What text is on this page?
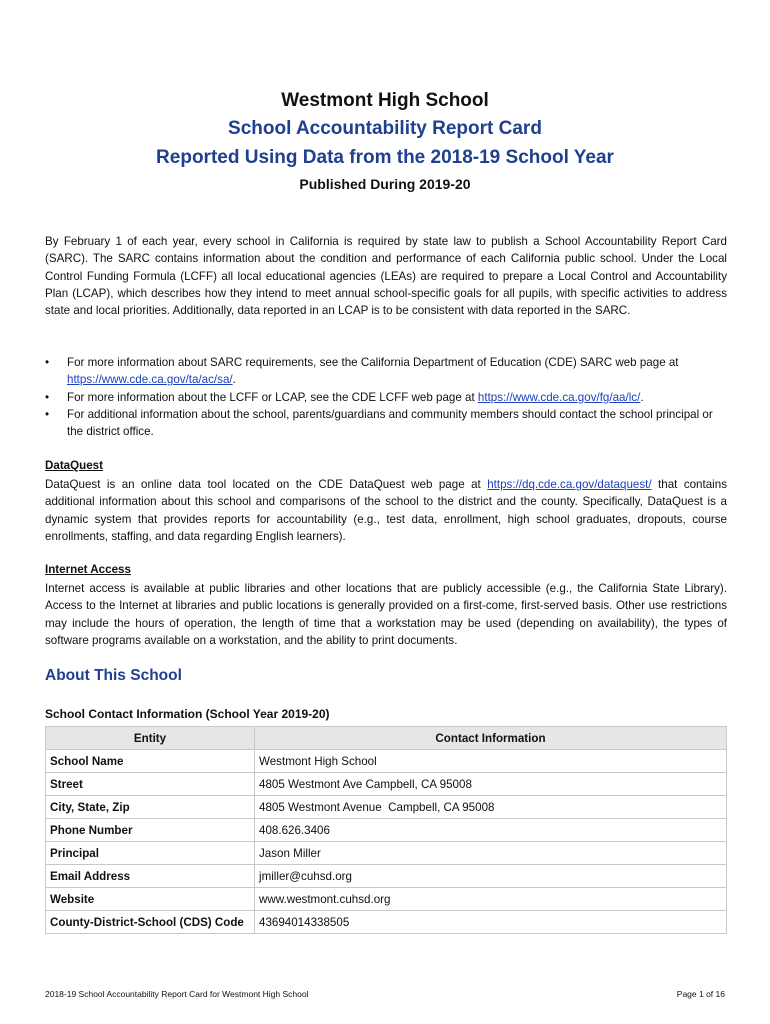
Westmont High School
School Accountability Report Card
Reported Using Data from the 2018-19 School Year
Published During 2019-20

By February 1 of each year, every school in California is required by state law to publish a School Accountability Report Card (SARC). The SARC contains information about the condition and performance of each California public school. Under the Local Control Funding Formula (LCFF) all local educational agencies (LEAs) are required to prepare a Local Control and Accountability Plan (LCAP), which describes how they intend to meet annual school-specific goals for all pupils, with specific activities to address state and local priorities. Additionally, data reported in an LCAP is to be consistent with data reported in the SARC.

• For more information about SARC requirements, see the California Department of Education (CDE) SARC web page at https://www.cde.ca.gov/ta/ac/sa/.
• For more information about the LCFF or LCAP, see the CDE LCFF web page at https://www.cde.ca.gov/fg/aa/lc/.
• For additional information about the school, parents/guardians and community members should contact the school principal or the district office.
DataQuest

DataQuest is an online data tool located on the CDE DataQuest web page at https://dq.cde.ca.gov/dataquest/ that contains additional information about this school and comparisons of the school to the district and the county. Specifically, DataQuest is a dynamic system that provides reports for accountability (e.g., test data, enrollment, high school graduates, dropouts, course enrollments, staffing, and data regarding English learners).

Internet Access

Internet access is available at public libraries and other locations that are publicly accessible (e.g., the California State Library). Access to the Internet at libraries and public locations is generally provided on a first-come, first-served basis. Other use restrictions may include the hours of operation, the length of time that a workstation may be used (depending on availability), the types of software programs available on a workstation, and the ability to print documents.

About This School
School Contact Information (School Year 2019-20)
Entity	Contact Information
School Name	Westmont High School
Street	4805 Westmont Ave Campbell, CA 95008
City, State, Zip	4805 Westmont Avenue  Campbell, CA 95008
Phone Number	408.626.3406
Principal	Jason Miller
Email Address	jmiller@cuhsd.org
Website	www.westmont.cuhsd.org
County-District-School (CDS) Code	43694014338505
2018-19 School Accountability Report Card for Westmont High School	Page 1 of 16
